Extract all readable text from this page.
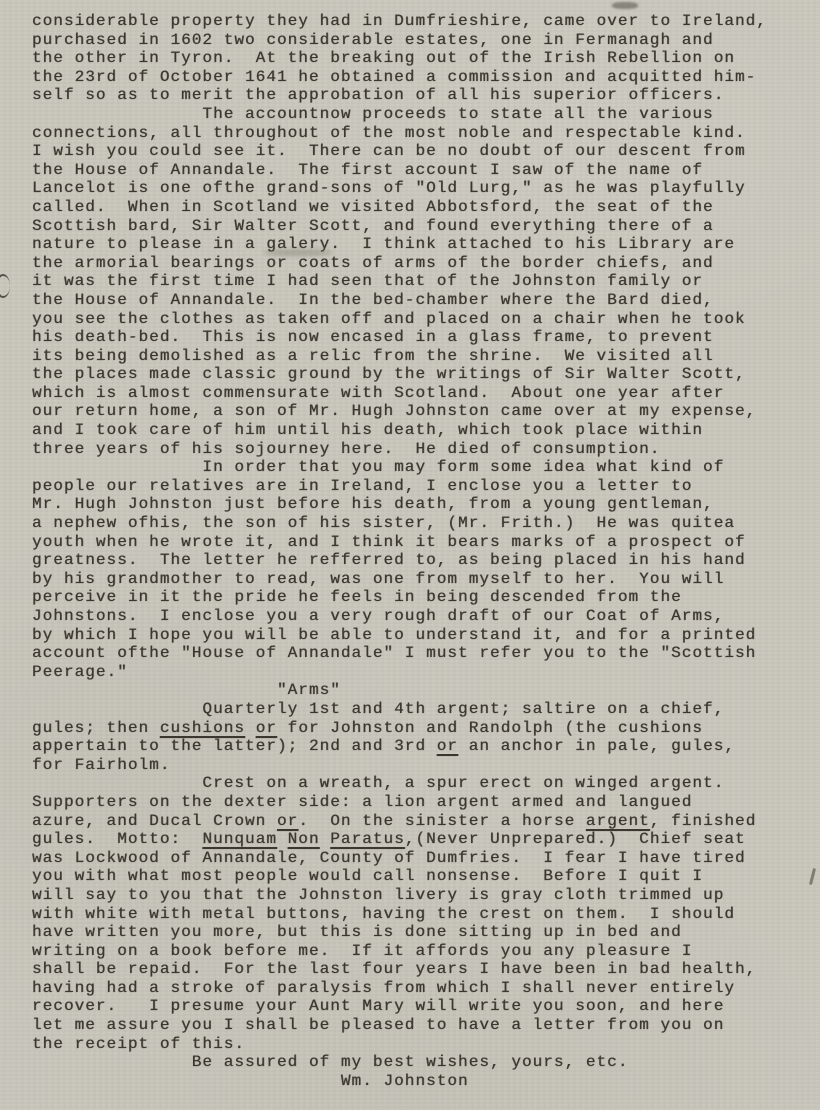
considerable property they had in Dumfrieshire, came over to Ireland,
purchased in 1602 two considerable estates, one in Fermanagh and
the other in Tyron.  At the breaking out of the Irish Rebellion on
the 23rd of October 1641 he obtained a commission and acquitted him-
self so as to merit the approbation of all his superior officers.
The accountnow proceeds to state all the various
connections, all throughout of the most noble and respectable kind.
I wish you could see it.  There can be no doubt of our descent from
the House of Annandale.  The first account I saw of the name of
Lancelot is one ofthe grand-sons of "Old Lurg," as he was playfully
called.  When in Scotland we visited Abbotsford, the seat of the
Scottish bard, Sir Walter Scott, and found everything there of a
nature to please in a galery.  I think attached to his Library are
the armorial bearings or coats of arms of the border chiefs, and
it was the first time I had seen that of the Johnston family or
the House of Annandale.  In the bed-chamber where the Bard died,
you see the clothes as taken off and placed on a chair when he took
his death-bed.  This is now encased in a glass frame, to prevent
its being demolished as a relic from the shrine.  We visited all
the places made classic ground by the writings of Sir Walter Scott,
which is almost commensurate with Scotland.  About one year after
our return home, a son of Mr. Hugh Johnston came over at my expense,
and I took care of him until his death, which took place within
three years of his sojourney here.  He died of consumption.
In order that you may form some idea what kind of
people our relatives are in Ireland, I enclose you a letter to
Mr. Hugh Johnston just before his death, from a young gentleman,
a nephew ofhis, the son of his sister, (Mr. Frith.)  He was quitea
youth when he wrote it, and I think it bears marks of a prospect of
greatness.  The letter he refferred to, as being placed in his hand
by his grandmother to read, was one from myself to her.  You will
perceive in it the pride he feels in being descended from the
Johnstons.  I enclose you a very rough draft of our Coat of Arms,
by which I hope you will be able to understand it, and for a printed
account ofthe "House of Annandale" I must refer you to the "Scottish
Peerage."
"Arms"
Quarterly 1st and 4th argent; saltire on a chief,
gules; then cushions or for Johnston and Randolph (the cushions
appertain to the latter); 2nd and 3rd or an anchor in pale, gules,
for Fairholm.
Crest on a wreath, a spur erect on winged argent.
Supporters on the dexter side: a lion argent armed and langued
azure, and Ducal Crown or.  On the sinister a horse argent, finished
gules.  Motto:  Nunquam Non Paratus,(Never Unprepared.)  Chief seat
was Lockwood of Annandale, County of Dumfries.  I fear I have tired
you with what most people would call nonsense.  Before I quit I
will say to you that the Johnston livery is gray cloth trimmed up
with white with metal buttons, having the crest on them.  I should
have written you more, but this is done sitting up in bed and
writing on a book before me.  If it affords you any pleasure I
shall be repaid.  For the last four years I have been in bad health,
having had a stroke of paralysis from which I shall never entirely
recover.   I presume your Aunt Mary will write you soon, and here
let me assure you I shall be pleased to have a letter from you on
the receipt of this.
Be assured of my best wishes, yours, etc.
Wm. Johnston
